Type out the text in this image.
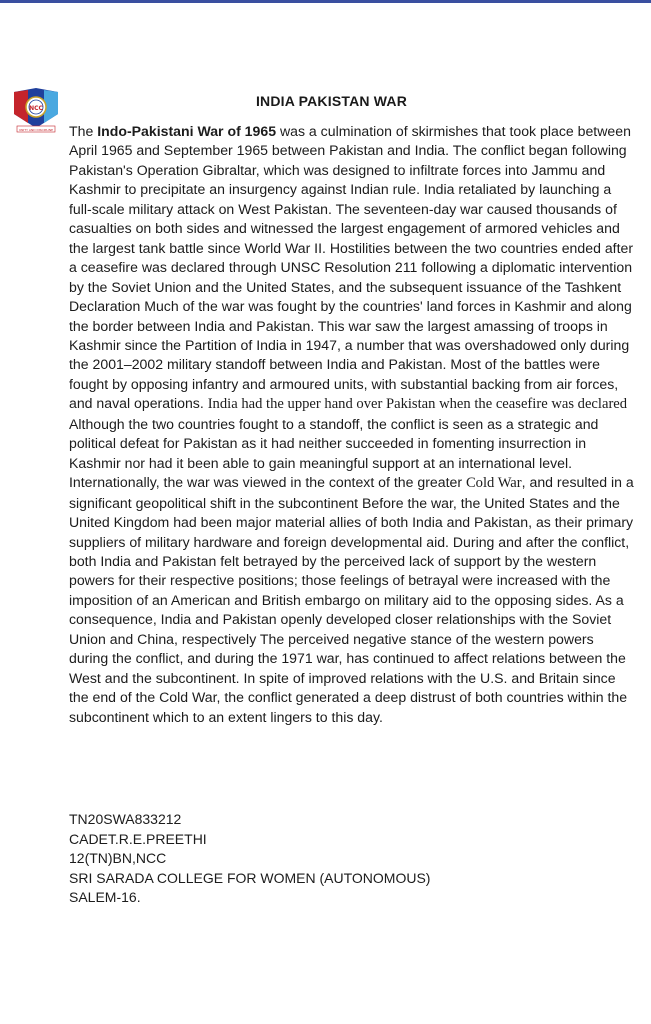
NCC
UNITY AND DISCIPLINE
INDIA PAKISTAN WAR

The Indo-Pakistani War of 1965 was a culmination of skirmishes that took place between April 1965 and September 1965 between Pakistan and India. The conflict began following Pakistan's Operation Gibraltar, which was designed to infiltrate forces into Jammu and Kashmir to precipitate an insurgency against Indian rule. India retaliated by launching a full-scale military attack on West Pakistan. The seventeen-day war caused thousands of casualties on both sides and witnessed the largest engagement of armored vehicles and the largest tank battle since World War II. Hostilities between the two countries ended after a ceasefire was declared through UNSC Resolution 211 following a diplomatic intervention by the Soviet Union and the United States, and the subsequent issuance of the Tashkent Declaration Much of the war was fought by the countries' land forces in Kashmir and along the border between India and Pakistan. This war saw the largest amassing of troops in Kashmir since the Partition of India in 1947, a number that was overshadowed only during the 2001–2002 military standoff between India and Pakistan. Most of the battles were fought by opposing infantry and armoured units, with substantial backing from air forces, and naval operations. India had the upper hand over Pakistan when the ceasefire was declared Although the two countries fought to a standoff, the conflict is seen as a strategic and political defeat for Pakistan as it had neither succeeded in fomenting insurrection in Kashmir nor had it been able to gain meaningful support at an international level.

Internationally, the war was viewed in the context of the greater Cold War, and resulted in a significant geopolitical shift in the subcontinent Before the war, the United States and the United Kingdom had been major material allies of both India and Pakistan, as their primary suppliers of military hardware and foreign developmental aid. During and after the conflict, both India and Pakistan felt betrayed by the perceived lack of support by the western powers for their respective positions; those feelings of betrayal were increased with the imposition of an American and British embargo on military aid to the opposing sides. As a consequence, India and Pakistan openly developed closer relationships with the Soviet Union and China, respectively The perceived negative stance of the western powers during the conflict, and during the 1971 war, has continued to affect relations between the West and the subcontinent. In spite of improved relations with the U.S. and Britain since the end of the Cold War, the conflict generated a deep distrust of both countries within the subcontinent which to an extent lingers to this day.

TN20SWA833212
CADET.R.E.PREETHI
12(TN)BN,NCC
SRI SARADA COLLEGE FOR WOMEN (AUTONOMOUS)
SALEM-16.
